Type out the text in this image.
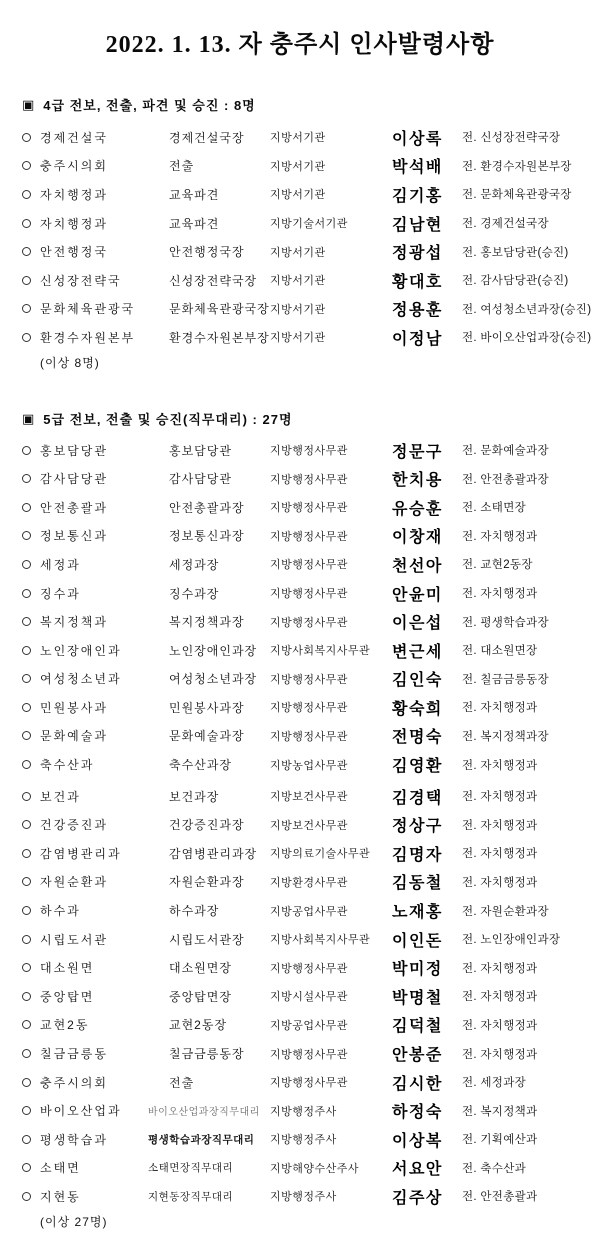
2022. 1. 13. 자 충주시 인사발령사항
▣ 4급 전보, 전출, 파견 및 승진 : 8명
경제건설국	경제건설국장	지방서기관	이상록	전. 신성장전략국장
충주시의회	전출	지방서기관	박석배	전. 환경수자원본부장
자치행정과	교육파견	지방서기관	김기홍	전. 문화체육관광국장
자치행정과	교육파견	지방기술서기관	김남현	전. 경제건설국장
안전행정국	안전행정국장	지방서기관	정광섭	전. 홍보담당관(승진)
신성장전략국	신성장전략국장	지방서기관	황대호	전. 감사담당관(승진)
문화체육관광국	문화체육관광국장 지방서기관	정용훈	전. 여성청소년과장(승진)
환경수자원본부	환경수자원본부장 지방서기관	이정남	전. 바이오산업과장(승진)
(이상 8명)
▣ 5급 전보, 전출 및 승진(직무대리) : 27명
홍보담당관	홍보담당관	지방행정사무관	정문구	전. 문화예술과장
감사담당관	감사담당관	지방행정사무관	한치용	전. 안전총괄과장
안전총괄과	안전총괄과장	지방행정사무관	유승훈	전. 소태면장
정보통신과	정보통신과장	지방행정사무관	이창재	전. 자치행정과
세정과	세정과장	지방행정사무관	천선아	전. 교현2동장
징수과	징수과장	지방행정사무관	안윤미	전. 자치행정과
복지정책과	복지정책과장	지방행정사무관	이은섭	전. 평생학습과장
노인장애인과	노인장애인과장	지방사회복지사무관	변근세	전. 대소원면장
여성청소년과	여성청소년과장	지방행정사무관	김인숙	전. 칠금금릉동장
민원봉사과	민원봉사과장	지방행정사무관	황숙희	전. 자치행정과
문화예술과	문화예술과장	지방행정사무관	전명숙	전. 복지정책과장
축수산과	축수산과장	지방농업사무관	김영환	전. 자치행정과
보건과	보건과장	지방보건사무관	김경택	전. 자치행정과
건강증진과	건강증진과장	지방보건사무관	정상구	전. 자치행정과
감염병관리과	감염병관리과장	지방의료기술사무관	김명자	전. 자치행정과
자원순환과	자원순환과장	지방환경사무관	김동철	전. 자치행정과
하수과	하수과장	지방공업사무관	노재홍	전. 자원순환과장
시립도서관	시립도서관장	지방사회복지사무관	이인돈	전. 노인장애인과장
대소원면	대소원면장	지방행정사무관	박미정	전. 자치행정과
중앙탑면	중앙탑면장	지방시설사무관	박명철	전. 자치행정과
교현2동	교현2동장	지방공업사무관	김덕철	전. 자치행정과
칠금금릉동	칠금금릉동장	지방행정사무관	안봉준	전. 자치행정과
충주시의회	전출	지방행정사무관	김시한	전. 세정과장
바이오산업과	바이오산업과장직무대리 지방행정주사	하정숙	전. 복지정책과
평생학습과	평생학습과장직무대리	지방행정주사	이상복	전. 기획예산과
소태면	소태면장직무대리	지방해양수산주사	서요안	전. 축수산과
지현동	지현동장직무대리	지방행정주사	김주상	전. 안전총괄과
(이상 27명)
